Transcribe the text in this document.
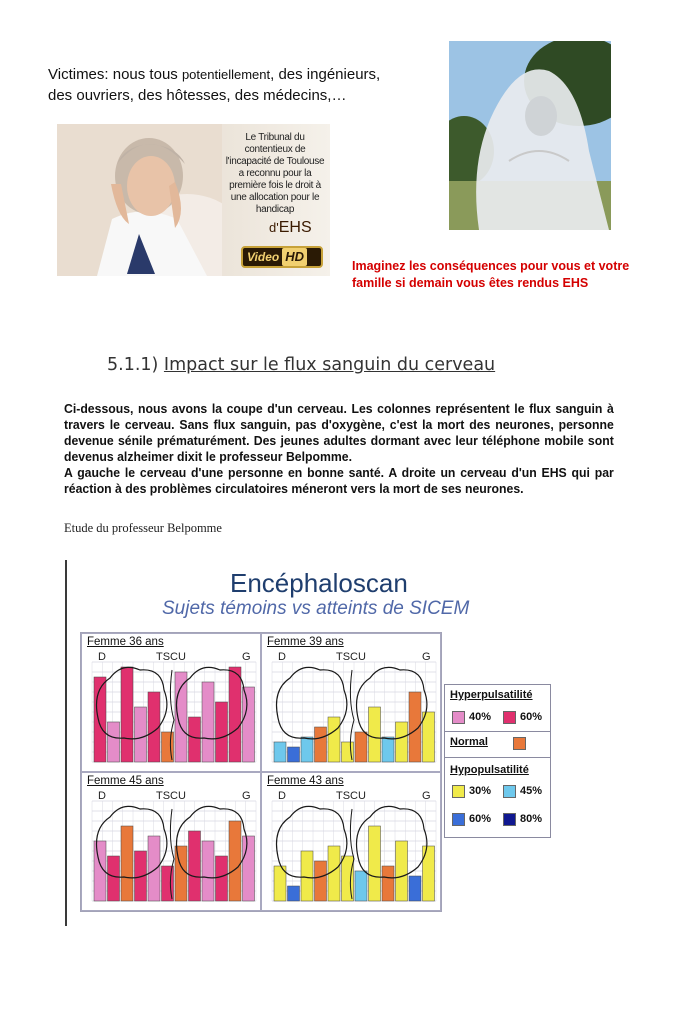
Victimes: nous tous potentiellement, des ingénieurs,
des ouvriers, des hôtesses, des médecins,…
Le Tribunal du contentieux de l'incapacité de Toulouse a reconnu pour la première fois le droit à une allocation pour le handicap
d'EHS
Video HD
Imaginez les conséquences pour vous et votre
famille si demain vous êtes rendus EHS
5.1.1) Impact sur le flux sanguin du cerveau

Ci-dessous, nous avons la coupe d'un cerveau. Les colonnes représentent le flux sanguin à travers le cerveau. Sans flux sanguin, pas d'oxygène, c'est la mort des neurones, personne devenue sénile prématurément. Des jeunes adultes dormant avec leur téléphone mobile sont devenus alzheimer dixit le professeur Belpomme.

A gauche le cerveau d'une personne en bonne santé. A droite un cerveau d'un EHS qui par réaction à des problèmes circulatoires méneront vers la mort de ses neurones.

Etude du professeur Belpomme
Encéphaloscan
Sujets témoins vs atteints de SICEM
Femme 36 ans
D	TSCU	G
Femme 39 ans
D	TSCU	G
Femme 45 ans
D	TSCU	G
Femme 43 ans
D	TSCU	G
Hyperpulsatilité
40%	60%
Normal
Hypopulsatilité
30%	45%
60%	80%
